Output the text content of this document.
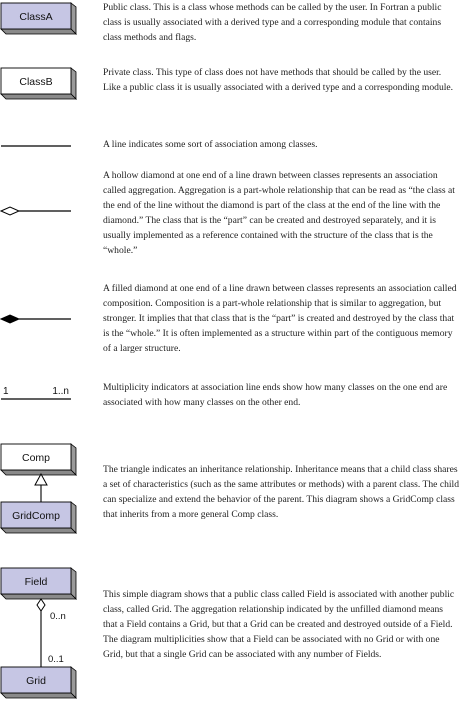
ClassA
ClassB
1	1..n
Comp
GridComp
Field
0..n
0..1
Grid
Public class. This is a class whose methods can be called by the user. In Fortran a public class is usually associated with a derived type and a corresponding module that contains class methods and flags.
Private class. This type of class does not have methods that should be called by the user. Like a public class it is usually associated with a derived type and a corresponding module.
A line indicates some sort of association among classes.
A hollow diamond at one end of a line drawn between classes represents an association called aggregation. Aggregation is a part-whole relationship that can be read as “the class at the end of the line without the diamond is part of the class at the end of the line with the diamond.” The class that is the “part” can be created and destroyed separately, and it is usually implemented as a reference contained with the structure of the class that is the “whole.”
A filled diamond at one end of a line drawn between classes represents an association called composition. Composition is a part-whole relationship that is similar to aggregation, but stronger. It implies that that class that is the “part” is created and destroyed by the class that is the “whole.” It is often implemented as a structure within part of the contiguous memory of a larger structure.
Multiplicity indicators at association line ends show how many classes on the one end are associated with how many classes on the other end.
The triangle indicates an inheritance relationship. Inheritance means that a child class shares a set of characteristics (such as the same attributes or methods) with a parent class. The child can specialize and extend the behavior of the parent. This diagram shows a GridComp class that inherits from a more general Comp class.
This simple diagram shows that a public class called Field is associated with another public class, called Grid. The aggregation relationship indicated by the unfilled diamond means that a Field contains a Grid, but that a Grid can be created and destroyed outside of a Field. The diagram multiplicities show that a Field can be associated with no Grid or with one Grid, but that a single Grid can be associated with any number of Fields.
